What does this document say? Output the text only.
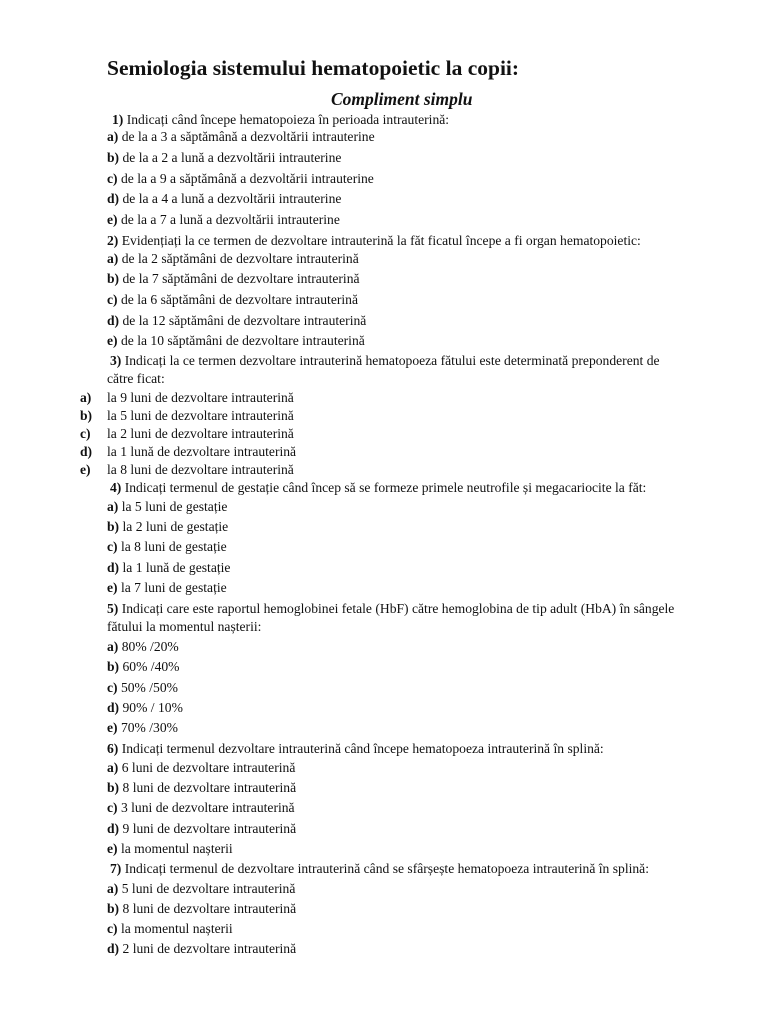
Semiologia sistemului hematopoietic la copii:
Compliment simplu
1) Indicați când începe hematopoieza în perioada intrauterină:
a) de la a 3 a săptămână a dezvoltării intrauterine
b) de la a 2 a lună a dezvoltării intrauterine
c) de la a 9 a săptămână a dezvoltării intrauterine
d) de la a 4 a lună a dezvoltării intrauterine
e) de la a 7 a lună a dezvoltării intrauterine
2) Evidențiați la ce termen de dezvoltare intrauterină la făt ficatul începe a fi organ hematopoietic:
a) de la 2 săptămâni de dezvoltare intrauterină
b) de la 7 săptămâni de dezvoltare intrauterină
c) de la 6 săptămâni de dezvoltare intrauterină
d) de la 12 săptămâni de dezvoltare intrauterină
e) de la 10 săptămâni de dezvoltare intrauterină
3) Indicați la ce termen dezvoltare intrauterină hematopoeza fătului este determinată preponderent de
către ficat:
a)	la 9 luni de dezvoltare intrauterină
b)	la 5 luni de dezvoltare intrauterină
c)	la 2 luni de dezvoltare intrauterină
d)	la 1 lună de dezvoltare intrauterină
e)	la 8 luni de dezvoltare intrauterină
4) Indicați termenul de gestație când încep să se formeze primele neutrofile și megacariocite la făt:
a) la 5 luni de gestație
b) la 2 luni de gestație
c) la 8 luni de gestație
d) la 1 lună de gestație
e) la 7 luni de gestație
5) Indicați care este raportul hemoglobinei fetale (HbF) către hemoglobina de tip adult (HbA) în sângele
fătului la momentul nașterii:
a) 80% /20%
b) 60% /40%
c) 50% /50%
d) 90% / 10%
e) 70% /30%
6) Indicați termenul dezvoltare intrauterină când începe hematopoeza intrauterină în splină:
a) 6 luni de dezvoltare intrauterină
b) 8 luni de dezvoltare intrauterină
c) 3 luni de dezvoltare intrauterină
d) 9 luni de dezvoltare intrauterină
e) la momentul nașterii
7) Indicați termenul de dezvoltare intrauterină când se sfârșește hematopoeza intrauterină în splină:
a) 5 luni de dezvoltare intrauterină
b) 8 luni de dezvoltare intrauterină
c) la momentul nașterii
d) 2 luni de dezvoltare intrauterină
